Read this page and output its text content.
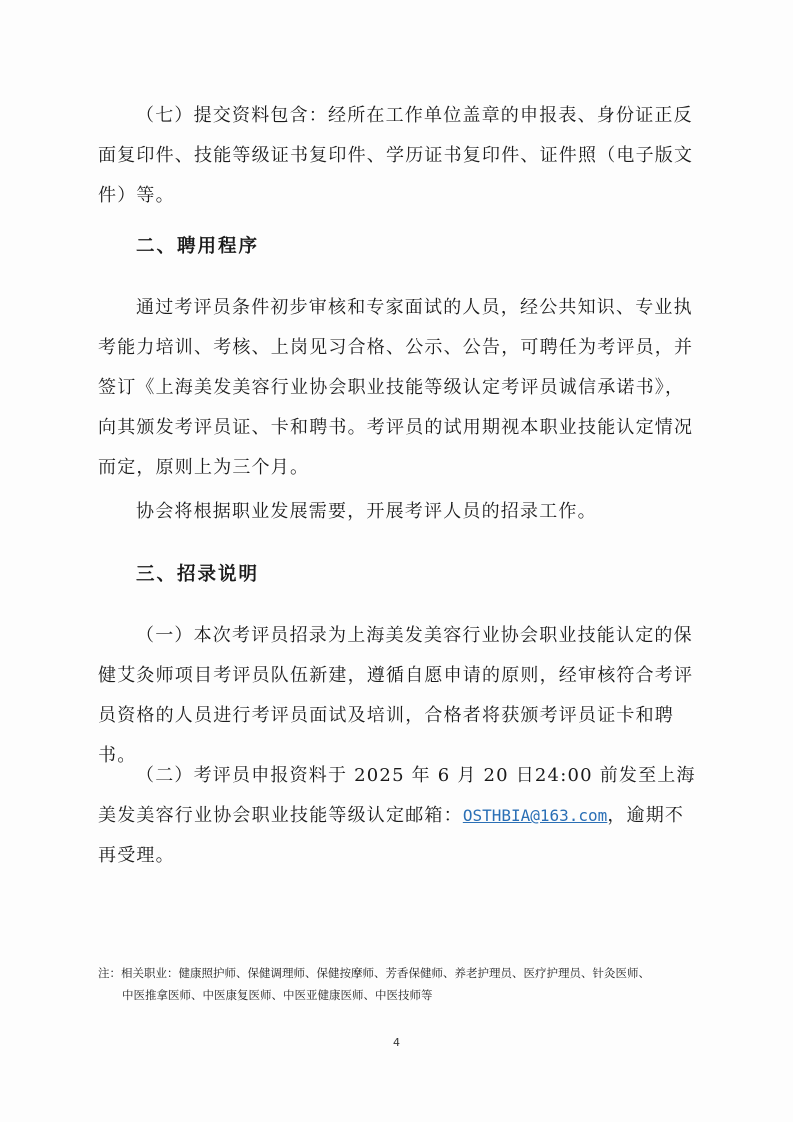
（七）提交资料包含：经所在工作单位盖章的申报表、身份证正反面复印件、技能等级证书复印件、学历证书复印件、证件照（电子版文件）等。

二、聘用程序

通过考评员条件初步审核和专家面试的人员，经公共知识、专业执考能力培训、考核、上岗见习合格、公示、公告，可聘任为考评员，并签订《上海美发美容行业协会职业技能等级认定考评员诚信承诺书》，向其颁发考评员证、卡和聘书。考评员的试用期视本职业技能认定情况而定，原则上为三个月。

协会将根据职业发展需要，开展考评人员的招录工作。

三、招录说明

（一）本次考评员招录为上海美发美容行业协会职业技能认定的保健艾灸师项目考评员队伍新建，遵循自愿申请的原则，经审核符合考评员资格的人员进行考评员面试及培训，合格者将获颁考评员证卡和聘书。

（二）考评员申报资料于 2025 年 6 月 20 日24:00 前发至上海美发美容行业协会职业技能等级认定邮箱：OSTHBIA@163.com，逾期不再受理。

注：相关职业：健康照护师、保健调理师、保健按摩师、芳香保健师、养老护理员、医疗护理员、针灸医师、
中医推拿医师、中医康复医师、中医亚健康医师、中医技师等

4
